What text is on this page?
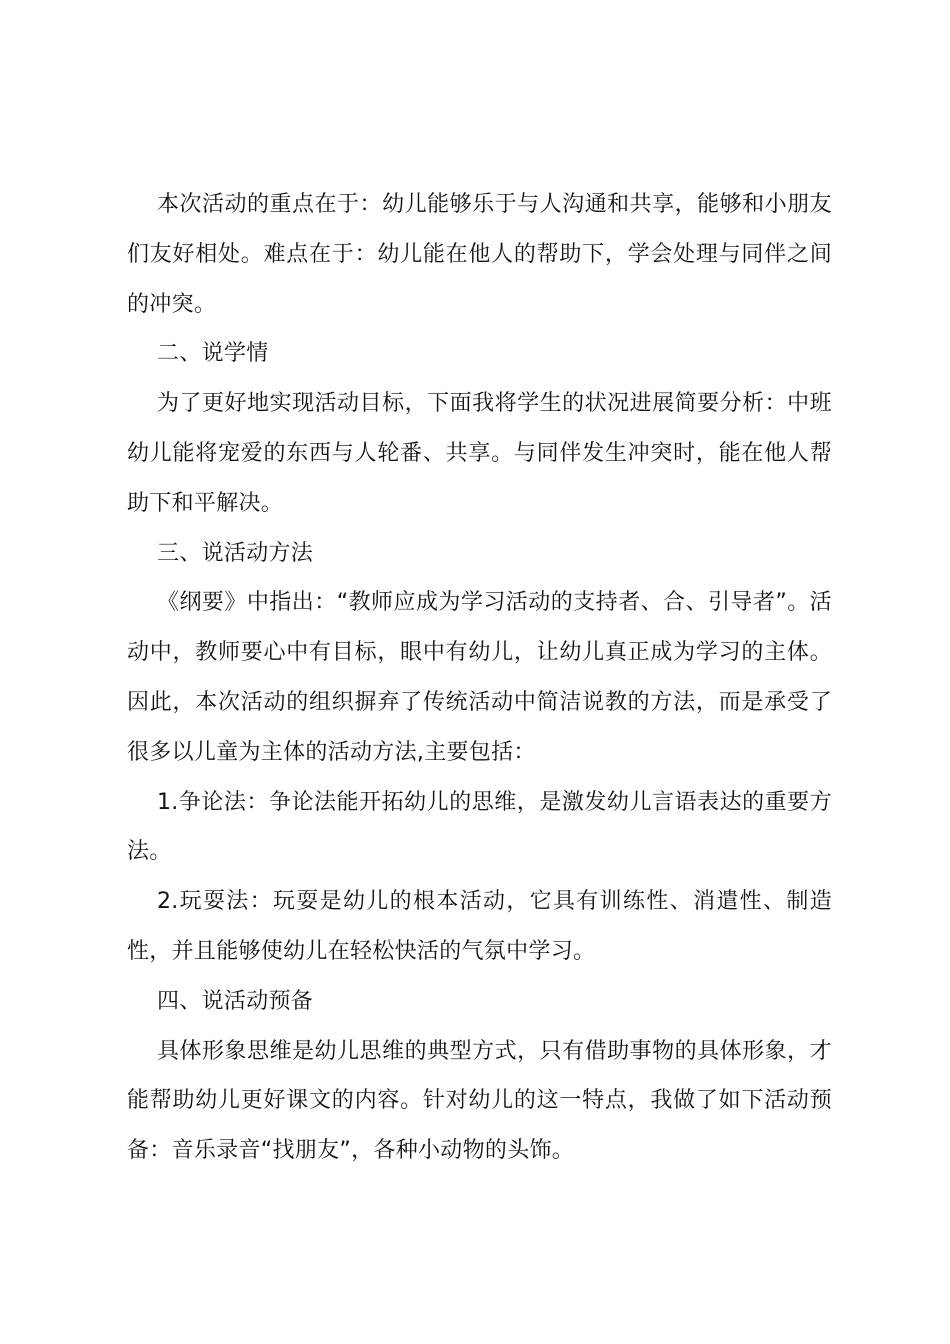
本次活动的重点在于：幼儿能够乐于与人沟通和共享，能够和小朋友们友好相处。难点在于：幼儿能在他人的帮助下，学会处理与同伴之间的冲突。

二、说学情

为了更好地实现活动目标，下面我将学生的状况进展简要分析：中班幼儿能将宠爱的东西与人轮番、共享。与同伴发生冲突时，能在他人帮助下和平解决。

三、说活动方法

《纲要》中指出：“教师应成为学习活动的支持者、合、引导者”。活动中，教师要心中有目标，眼中有幼儿，让幼儿真正成为学习的主体。因此，本次活动的组织摒弃了传统活动中简洁说教的方法，而是承受了很多以儿童为主体的活动方法,主要包括：

1.争论法：争论法能开拓幼儿的思维，是激发幼儿言语表达的重要方法。

2.玩耍法：玩耍是幼儿的根本活动，它具有训练性、消遣性、制造性，并且能够使幼儿在轻松快活的气氛中学习。

四、说活动预备

具体形象思维是幼儿思维的典型方式，只有借助事物的具体形象，才能帮助幼儿更好课文的内容。针对幼儿的这一特点，我做了如下活动预备：音乐录音“找朋友”，各种小动物的头饰。
